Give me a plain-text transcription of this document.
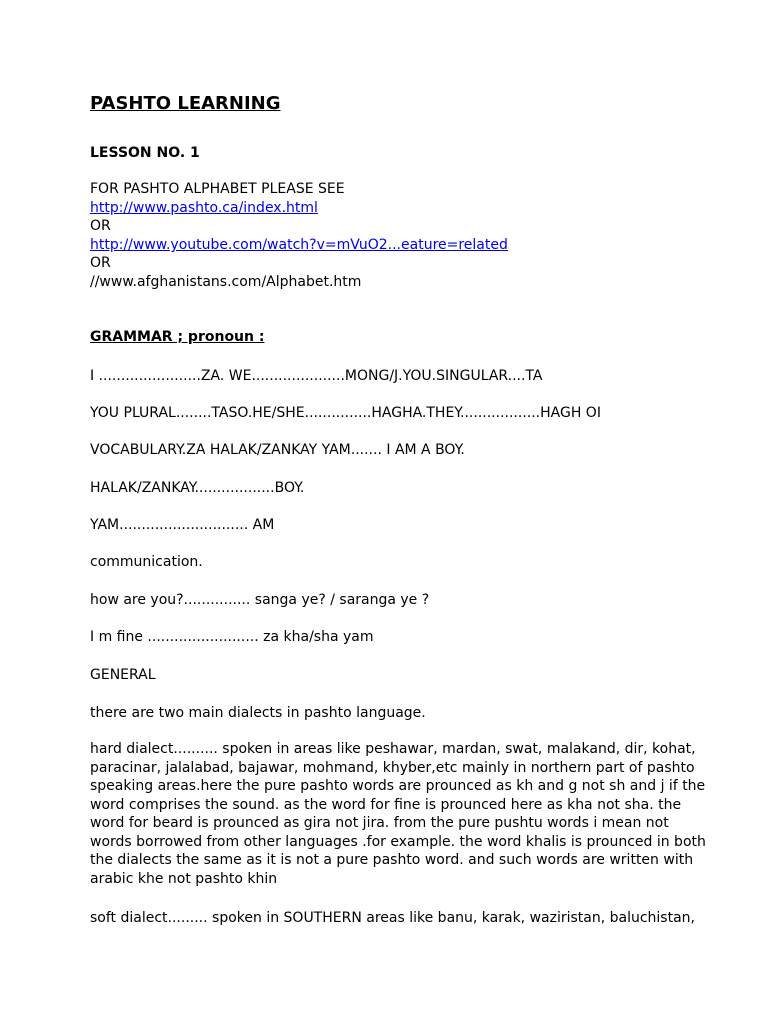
PASHTO LEARNING
LESSON NO. 1
FOR PASHTO ALPHABET PLEASE SEE
http://www.pashto.ca/index.html
OR
http://www.youtube.com/watch?v=mVuO2...eature=related
OR
//www.afghanistans.com/Alphabet.htm
GRAMMAR ; pronoun :
I .......................ZA. WE.....................MONG/J.YOU.SINGULAR....TA
YOU PLURAL........TASO.HE/SHE...............HAGHA.THEY..................HAGH OI
VOCABULARY.ZA HALAK/ZANKAY YAM....... I AM A BOY.
HALAK/ZANKAY..................BOY.
YAM............................. AM
communication.
how are you?............... sanga ye? / saranga ye ?
I m fine ......................... za kha/sha yam
GENERAL
there are two main dialects in pashto language.
hard dialect.......... spoken in areas like peshawar, mardan, swat, malakand, dir, kohat, paracinar, jalalabad, bajawar, mohmand, khyber,etc mainly in northern part of pashto speaking areas.here the pure pashto words are prounced as kh and g not sh and j if the word comprises the sound. as the word for fine is prounced here as kha not sha. the word for beard is prounced as gira not jira. from the pure pushtu words i mean not words borrowed from other languages .for example. the word khalis is prounced in both the dialects the same as it is not a pure pashto word. and such words are written with arabic khe not pashto khin
soft dialect......... spoken in SOUTHERN areas like banu, karak, waziristan, baluchistan,
